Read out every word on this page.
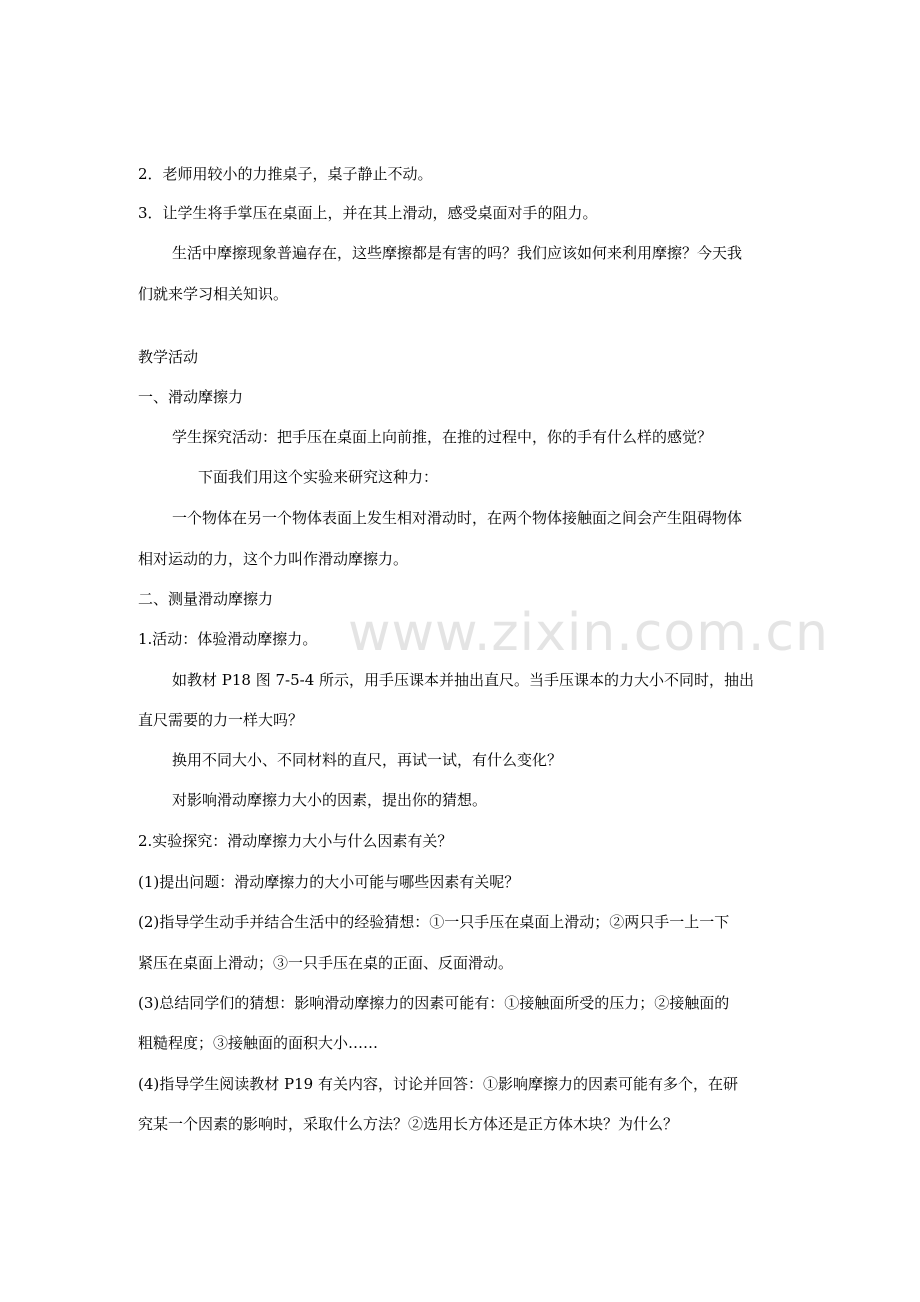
www.zixin.com.cn
2．老师用较小的力推桌子，桌子静止不动。
3．让学生将手掌压在桌面上，并在其上滑动，感受桌面对手的阻力。
生活中摩擦现象普遍存在，这些摩擦都是有害的吗？我们应该如何来利用摩擦？今天我
们就来学习相关知识。
教学活动
一、滑动摩擦力
学生探究活动：把手压在桌面上向前推，在推的过程中，你的手有什么样的感觉？
下面我们用这个实验来研究这种力：
一个物体在另一个物体表面上发生相对滑动时，在两个物体接触面之间会产生阻碍物体
相对运动的力，这个力叫作滑动摩擦力。
二、测量滑动摩擦力
1.活动：体验滑动摩擦力。
如教材 P18 图 7-5-4 所示，用手压课本并抽出直尺。当手压课本的力大小不同时，抽出
直尺需要的力一样大吗？
换用不同大小、不同材料的直尺，再试一试，有什么变化？
对影响滑动摩擦力大小的因素，提出你的猜想。
2.实验探究：滑动摩擦力大小与什么因素有关？
(1)提出问题：滑动摩擦力的大小可能与哪些因素有关呢？
(2)指导学生动手并结合生活中的经验猜想：①一只手压在桌面上滑动；②两只手一上一下
紧压在桌面上滑动；③一只手压在桌的正面、反面滑动。
(3)总结同学们的猜想：影响滑动摩擦力的因素可能有：①接触面所受的压力；②接触面的
粗糙程度；③接触面的面积大小……
(4)指导学生阅读教材 P19 有关内容，讨论并回答：①影响摩擦力的因素可能有多个，在研
究某一个因素的影响时，采取什么方法？②选用长方体还是正方体木块？为什么？
